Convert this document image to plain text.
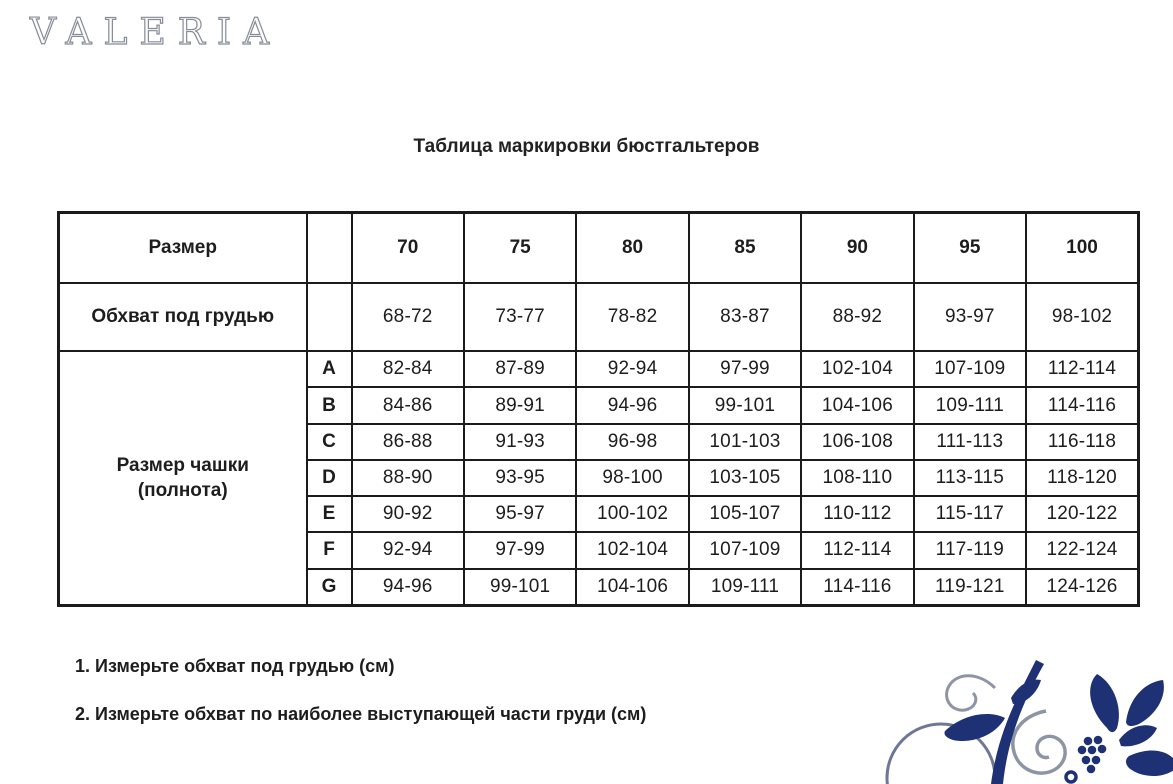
VALERIA
Таблица маркировки бюстгальтеров
Размер		70	75	80	85	90	95	100
Обхват под грудью		68-72	73-77	78-82	83-87	88-92	93-97	98-102

Размер чашки
(полнота)	A	82-84	87-89	92-94	97-99	102-104	107-109	112-114
	B	84-86	89-91	94-96	99-101	104-106	109-111	114-116
	C	86-88	91-93	96-98	101-103	106-108	111-113	116-118
	D	88-90	93-95	98-100	103-105	108-110	113-115	118-120
	E	90-92	95-97	100-102	105-107	110-112	115-117	120-122
	F	92-94	97-99	102-104	107-109	112-114	117-119	122-124
	G	94-96	99-101	104-106	109-111	114-116	119-121	124-126

1. Измерьте обхват под грудью (см)

2. Измерьте обхват по наиболее выступающей части груди (см)
